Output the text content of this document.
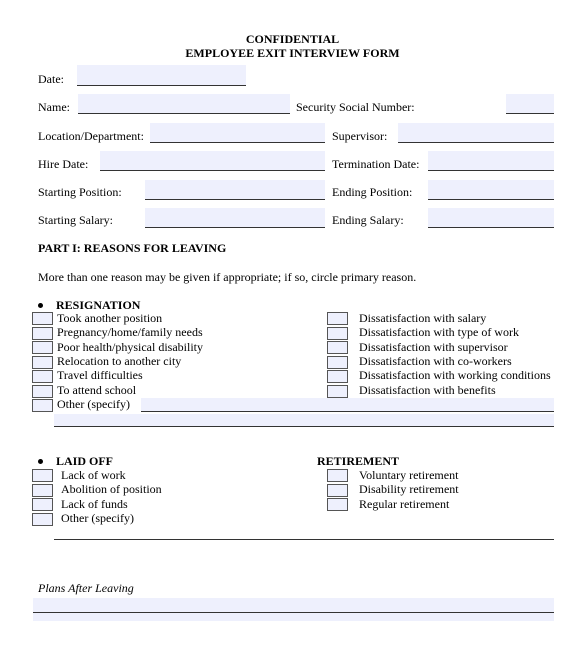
CONFIDENTIAL
EMPLOYEE EXIT INTERVIEW FORM
Date:
Name:	Security Social Number:
Location/Department:	Supervisor:
Hire Date:	Termination Date:
Starting Position:	Ending Position:
Starting Salary:	Ending Salary:
PART I: REASONS FOR LEAVING
More than one reason may be given if appropriate; if so, circle primary reason.
RESIGNATION
Took another position
Pregnancy/home/family needs
Poor health/physical disability
Relocation to another city
Travel difficulties
To attend school
Other (specify)
Dissatisfaction with salary
Dissatisfaction with type of work
Dissatisfaction with supervisor
Dissatisfaction with co-workers
Dissatisfaction with working conditions
Dissatisfaction with benefits
LAID OFF
Lack of work
Abolition of position
Lack of funds
Other (specify)
RETIREMENT
Voluntary retirement
Disability retirement
Regular retirement
Plans After Leaving
